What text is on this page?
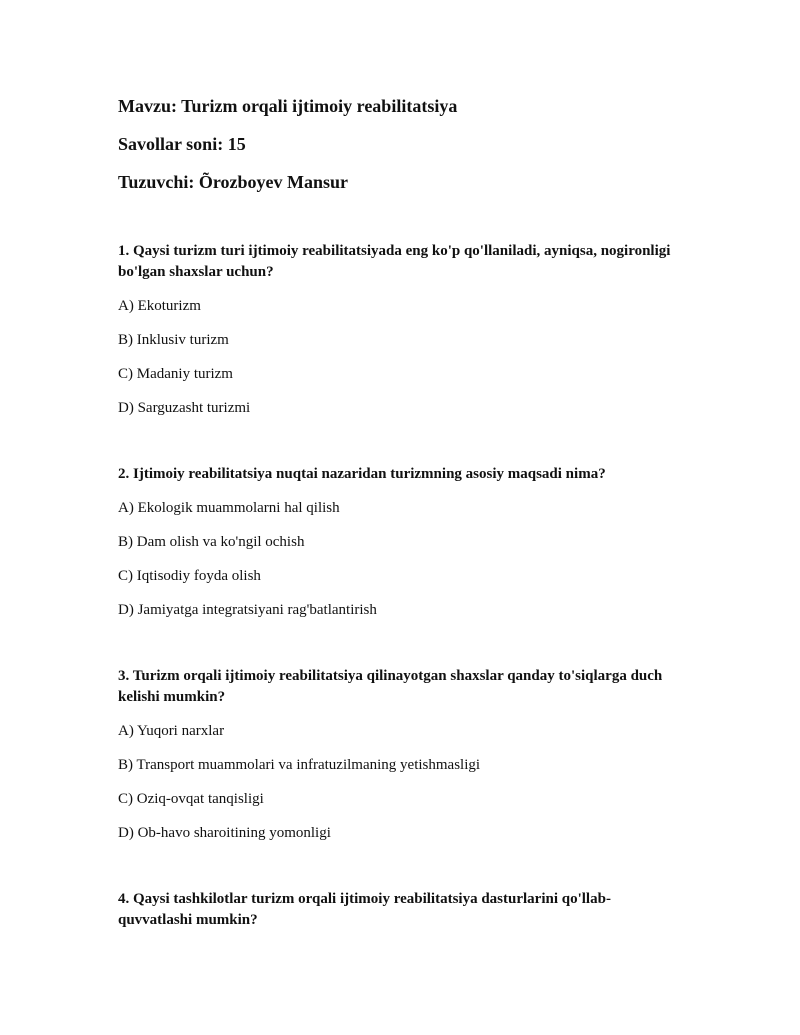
Mavzu: Turizm orqali ijtimoiy reabilitatsiya

Savollar soni: 15

Tuzuvchi: Õrozboyev Mansur

1. Qaysi turizm turi ijtimoiy reabilitatsiyada eng ko'p qo'llaniladi, ayniqsa, nogironligi bo'lgan shaxslar uchun?

A) Ekoturizm
B) Inklusiv turizm
C) Madaniy turizm
D) Sarguzasht turizmi

2. Ijtimoiy reabilitatsiya nuqtai nazaridan turizmning asosiy maqsadi nima?

A) Ekologik muammolarni hal qilish
B) Dam olish va ko'ngil ochish
C) Iqtisodiy foyda olish
D) Jamiyatga integratsiyani rag'batlantirish

3. Turizm orqali ijtimoiy reabilitatsiya qilinayotgan shaxslar qanday to'siqlarga duch kelishi mumkin?

A) Yuqori narxlar
B) Transport muammolari va infratuzilmaning yetishmasligi
C) Oziq-ovqat tanqisligi
D) Ob-havo sharoitining yomonligi

4. Qaysi tashkilotlar turizm orqali ijtimoiy reabilitatsiya dasturlarini qo'llab-quvvatlashi mumkin?
